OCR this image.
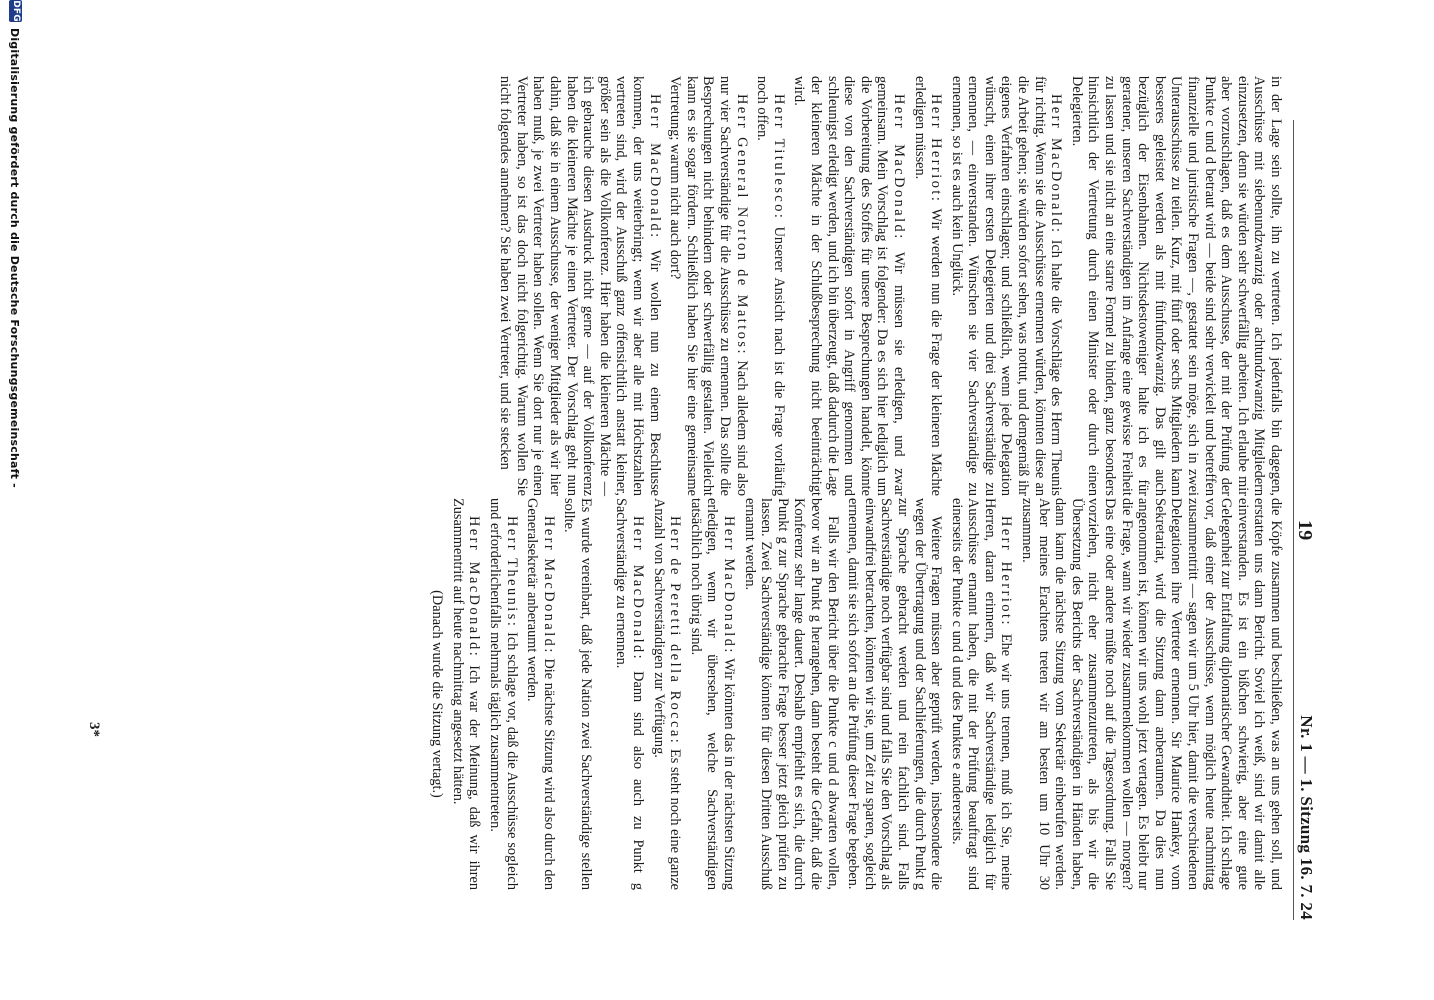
19
Nr. 1 — 1. Sitzung 16. 7. 24

die Köpfe zusammen und beschließen, was an uns gehen soll, und erstatten uns dann Bericht. Soviel ich weiß, sind wir damit alle einverstanden. Es ist ein bißchen schwierig, aber eine gute Gelegenheit zur Entfaltung diplomatischer Gewandtheit. Ich schlage vor, daß einer der Ausschüsse, wenn möglich heute nachmittag zusammentritt — sagen wir um 5 Uhr hier, damit die verschiedenen Delegationen ihre Vertreter ernennen. Sir Maurice Hankey, vom Sekretariat, wird die Sitzung dann anberaumen. Da dies nun angenommen ist, können wir uns wohl jetzt vertagen. Es bleibt nur die Frage, wann wir wieder zusammenkommen wollen — morgen? Das eine oder andere müßte noch auf die Tagesordnung. Falls Sie vorziehen, nicht eher zusammenzutreten, als bis wir die Übersetzung des Berichts der Sachverständigen in Händen haben, dann kann die nächste Sitzung vom Sekretär einberufen werden. Aber meines Erachtens treten wir am besten um 10 Uhr 30 zusammen.

Herr Herriot: Ehe wir uns trennen, muß ich Sie, meine Herren, daran erinnern, daß wir Sachverständige lediglich für Ausschüsse ernannt haben, die mit der Prüfung beauftragt sind einerseits der Punkte c und d und des Punktes e andererseits.

Weitere Fragen müssen aber geprüft werden, insbesondere die wegen der Übertragung und der Sachlieferungen, die durch Punkt g zur Sprache gebracht werden und rein fachlich sind. Falls Sachverständige noch verfügbar sind und falls Sie den Vorschlag als einwandfrei betrachten, könnten wir sie, um Zeit zu sparen, sogleich ernennen, damit sie sich sofort an die Prüfung dieser Frage begeben.

Falls wir den Bericht über die Punkte c und d abwarten wollen, bevor wir an Punkt g herangehen, dann besteht die Gefahr, daß die Konferenz sehr lange dauert. Deshalb empfiehlt es sich, die durch Punkt g zur Sprache gebrachte Frage besser jetzt gleich prüfen zu lassen. Zwei Sachverständige könnten für diesen Dritten Ausschuß ernannt werden.

Herr MacDonald: Wir könnten das in der nächsten Sitzung erledigen, wenn wir übersehen, welche Sachverständigen tatsächlich noch übrig sind.

Herr de Peretti della Rocca: Es steht noch eine ganze Anzahl von Sachverständigen zur Verfügung.

Herr MacDonald: Dann sind also auch zu Punkt g Sachverständige zu ernennen.

in der Lage sein sollte, ihn zu vertreten. Ich jedenfalls bin dagegen, Ausschüsse mit siebenundzwanzig oder achtundzwanzig Mitgliedern einzusetzen, denn sie würden sehr schwerfällig arbeiten. Ich erlaube mir aber vorzuschlagen, daß es dem Ausschusse, der mit der Prüfung der Punkte c und d betraut wird — beide sind sehr verwickelt und betreffen finanzielle und juristische Fragen —, gestattet sein möge, sich in zwei Unterausschüsse zu teilen. Kurz, mit fünf oder sechs Mitgliedern kann besseres geleistet werden als mit fünfundzwanzig. Das gilt auch bezüglich der Eisenbahnen. Nichtsdestoweniger halte ich es für geratener, unseren Sachverständigen im Anfange eine gewisse Freiheit zu lassen und sie nicht an eine starre Formel zu binden, ganz besonders hinsichtlich der Vertretung durch einen Minister oder durch einen Delegierten.

Herr MacDonald: Ich halte die Vorschläge des Herrn Theunis für richtig. Wenn sie die Ausschüsse ernennen würden, könnten diese an die Arbeit gehen; sie würden sofort sehen, was nottut, und demgemäß ihr eigenes Verfahren einschlagen; und schließlich, wenn jede Delegation wünscht, einen ihrer ersten Delegierten und drei Sachverständige zu ernennen, — einverstanden. Wünschen sie vier Sachverständige zu ernennen, so ist es auch kein Unglück.

Herr Herriot: Wir werden nun die Frage der kleineren Mächte erledigen müssen.

Herr MacDonald: Wir müssen sie erledigen, und zwar gemeinsam. Mein Vorschlag ist folgender: Da es sich hier lediglich um die Vorbereitung des Stoffes für unsere Besprechungen handelt, könnte diese von den Sachverständigen sofort in Angriff genommen und schleunigst erledigt werden, und ich bin überzeugt, daß dadurch die Lage der kleineren Mächte in der Schlußbesprechung nicht beeinträchtigt wird.

Herr Titulesco: Unserer Ansicht nach ist die Frage vorläufig noch offen.

Herr General Norton de Mattos: Nach alledem sind also nur vier Sachverständige für die Ausschüsse zu ernennen. Das sollte die Besprechungen nicht behindern oder schwerfällig gestalten. Vielleicht kann es sie sogar fördern. Schließlich haben Sie hier eine gemeinsame Vertretung; warum nicht auch dort?

Herr MacDonald: Wir wollen nun zu einem Beschlusse kommen, der uns weiterbringt; wenn wir aber alle mit Höchstzahlen vertreten sind, wird der Ausschuß ganz offensichtlich anstatt kleiner, größer sein als die Vollkonferenz. Hier haben die kleineren Mächte — ich gebrauche diesen Ausdruck nicht gerne — auf der Vollkonferenz haben die kleineren Mächte je einen Vertreter. Der Vorschlag geht nun dahin, daß sie in einem Ausschusse, der weniger Mitglieder als wir hier haben muß, je zwei Vertreter haben sollen. Wenn Sie dort nur je einen Vertreter haben, so ist das doch nicht folgerichtig. Warum wollen Sie nicht folgendes annehmen? Sie haben zwei Vertreter, und sie stecken

Es wurde vereinbart, daß jede Nation zwei Sachverständige stellen sollte.

Herr MacDonald: Die nächste Sitzung wird also durch den Generalsekretär anberaumt werden.

Herr Theunis: Ich schlage vor, daß die Ausschüsse sogleich und erforderlichenfalls mehrmals täglich zusammentreten.

Herr MacDonald: Ich war der Meinung, daß wir ihren Zusammentritt auf heute nachmittag angesetzt hätten.

(Danach wurde die Sitzung vertagt.)

3*
DFG
Digitalisierung gefördert durch die Deutsche Forschungsgemeinschaft -
